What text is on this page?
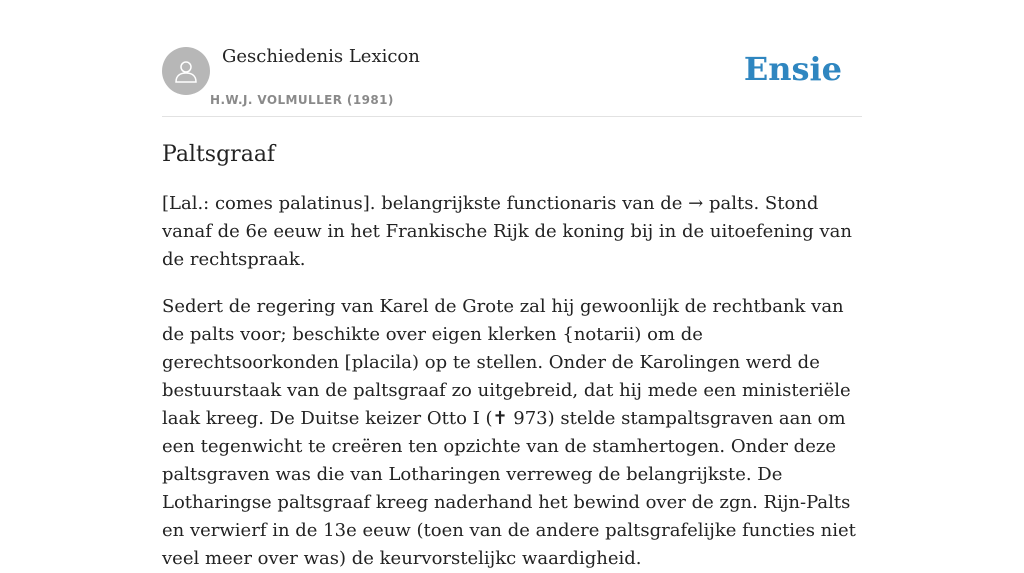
Geschiedenis Lexicon
H.W.J. VOLMULLER (1981)
Ensie
Paltsgraaf

[Lal.: comes palatinus]. belangrijkste functionaris van de → palts. Stond vanaf de 6e eeuw in het Frankische Rijk de koning bij in de uitoefening van de rechtspraak.

Sedert de regering van Karel de Grote zal hij gewoonlijk de rechtbank van de palts voor; beschikte over eigen klerken {notarii) om de gerechtsoorkonden [placila) op te stellen. Onder de Karolingen werd de bestuurstaak van de paltsgraaf zo uitgebreid, dat hij mede een ministeriële laak kreeg. De Duitse keizer Otto I (✝ 973) stelde stampaltsgraven aan om een tegenwicht te creëren ten opzichte van de stamhertogen. Onder deze paltsgraven was die van Lotharingen verreweg de belangrijkste. De Lotharingse paltsgraaf kreeg naderhand het bewind over de zgn. Rijn-Palts en verwierf in de 13e eeuw (toen van de andere paltsgrafelijke functies niet veel meer over was) de keurvorstelijkc waardigheid.
